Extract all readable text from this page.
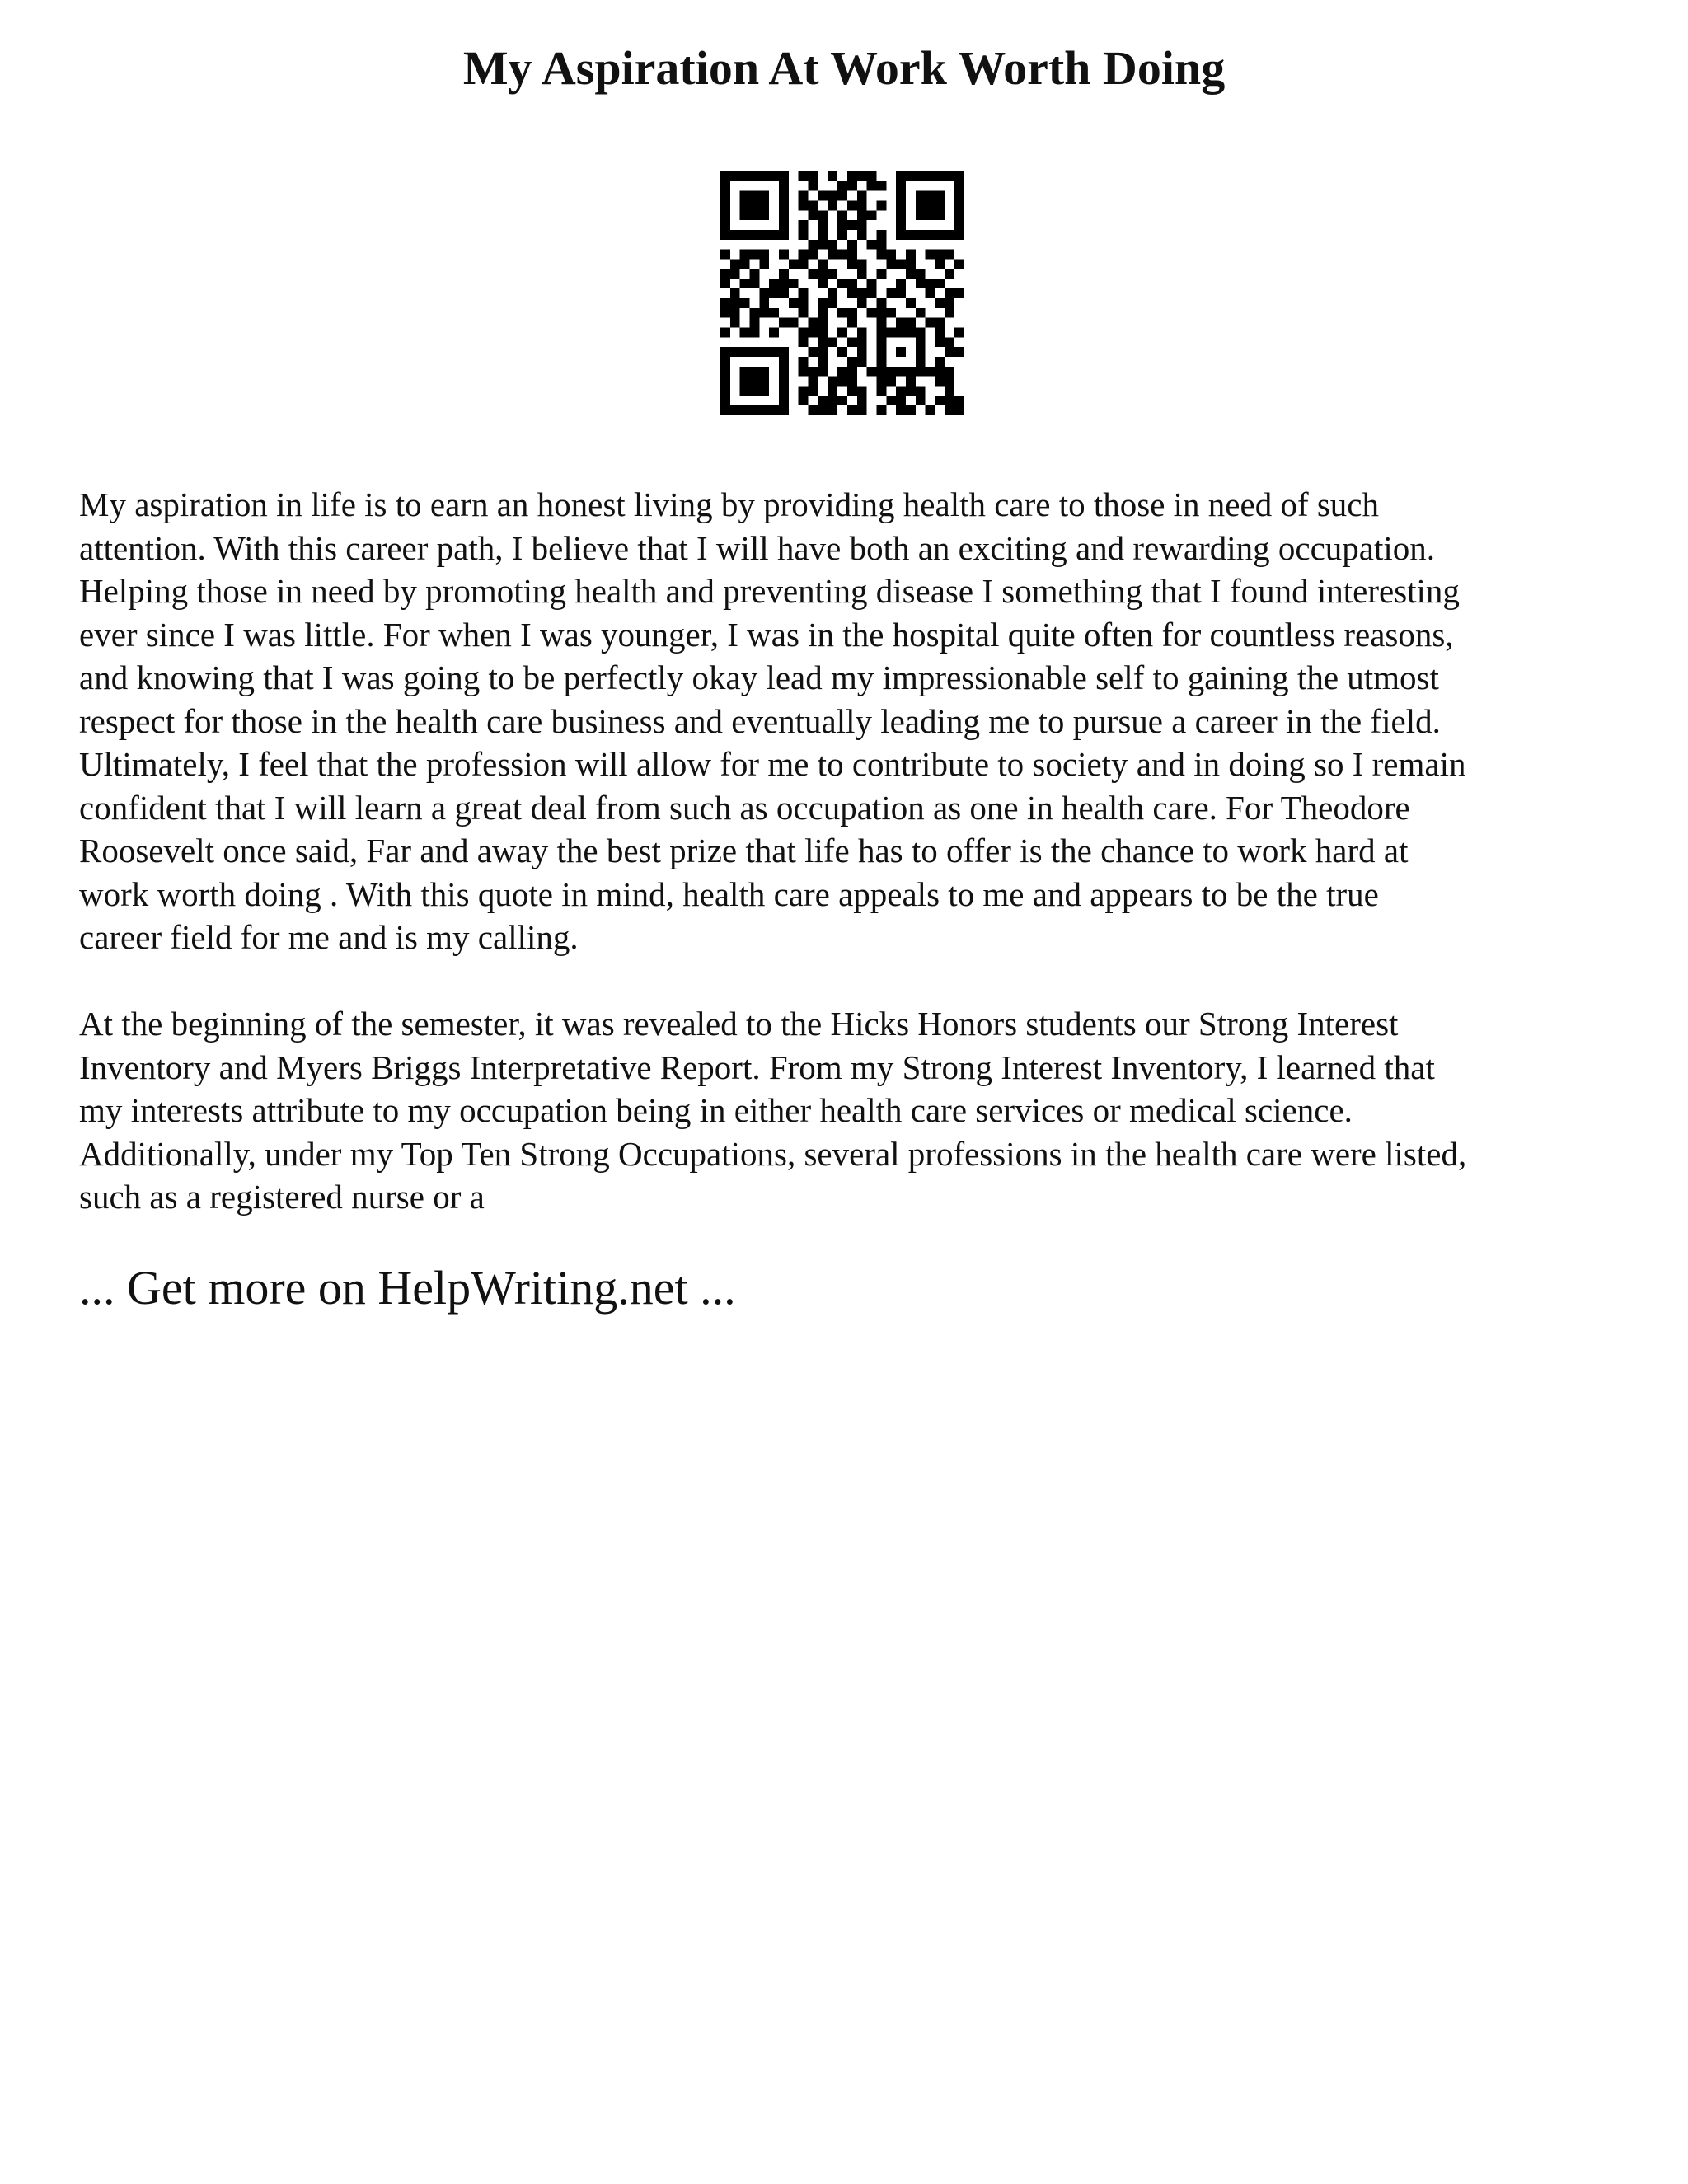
My Aspiration At Work Worth Doing

My aspiration in life is to earn an honest living by providing health care to those in need of such
attention. With this career path, I believe that I will have both an exciting and rewarding occupation.
Helping those in need by promoting health and preventing disease I something that I found interesting
ever since I was little. For when I was younger, I was in the hospital quite often for countless reasons,
and knowing that I was going to be perfectly okay lead my impressionable self to gaining the utmost
respect for those in the health care business and eventually leading me to pursue a career in the field.
Ultimately, I feel that the profession will allow for me to contribute to society and in doing so I remain
confident that I will learn a great deal from such as occupation as one in health care. For Theodore
Roosevelt once said, Far and away the best prize that life has to offer is the chance to work hard at
work worth doing . With this quote in mind, health care appeals to me and appears to be the true
career field for me and is my calling.

At the beginning of the semester, it was revealed to the Hicks Honors students our Strong Interest
Inventory and Myers Briggs Interpretative Report. From my Strong Interest Inventory, I learned that
my interests attribute to my occupation being in either health care services or medical science.
Additionally, under my Top Ten Strong Occupations, several professions in the health care were listed,
such as a registered nurse or a

... Get more on HelpWriting.net ...
